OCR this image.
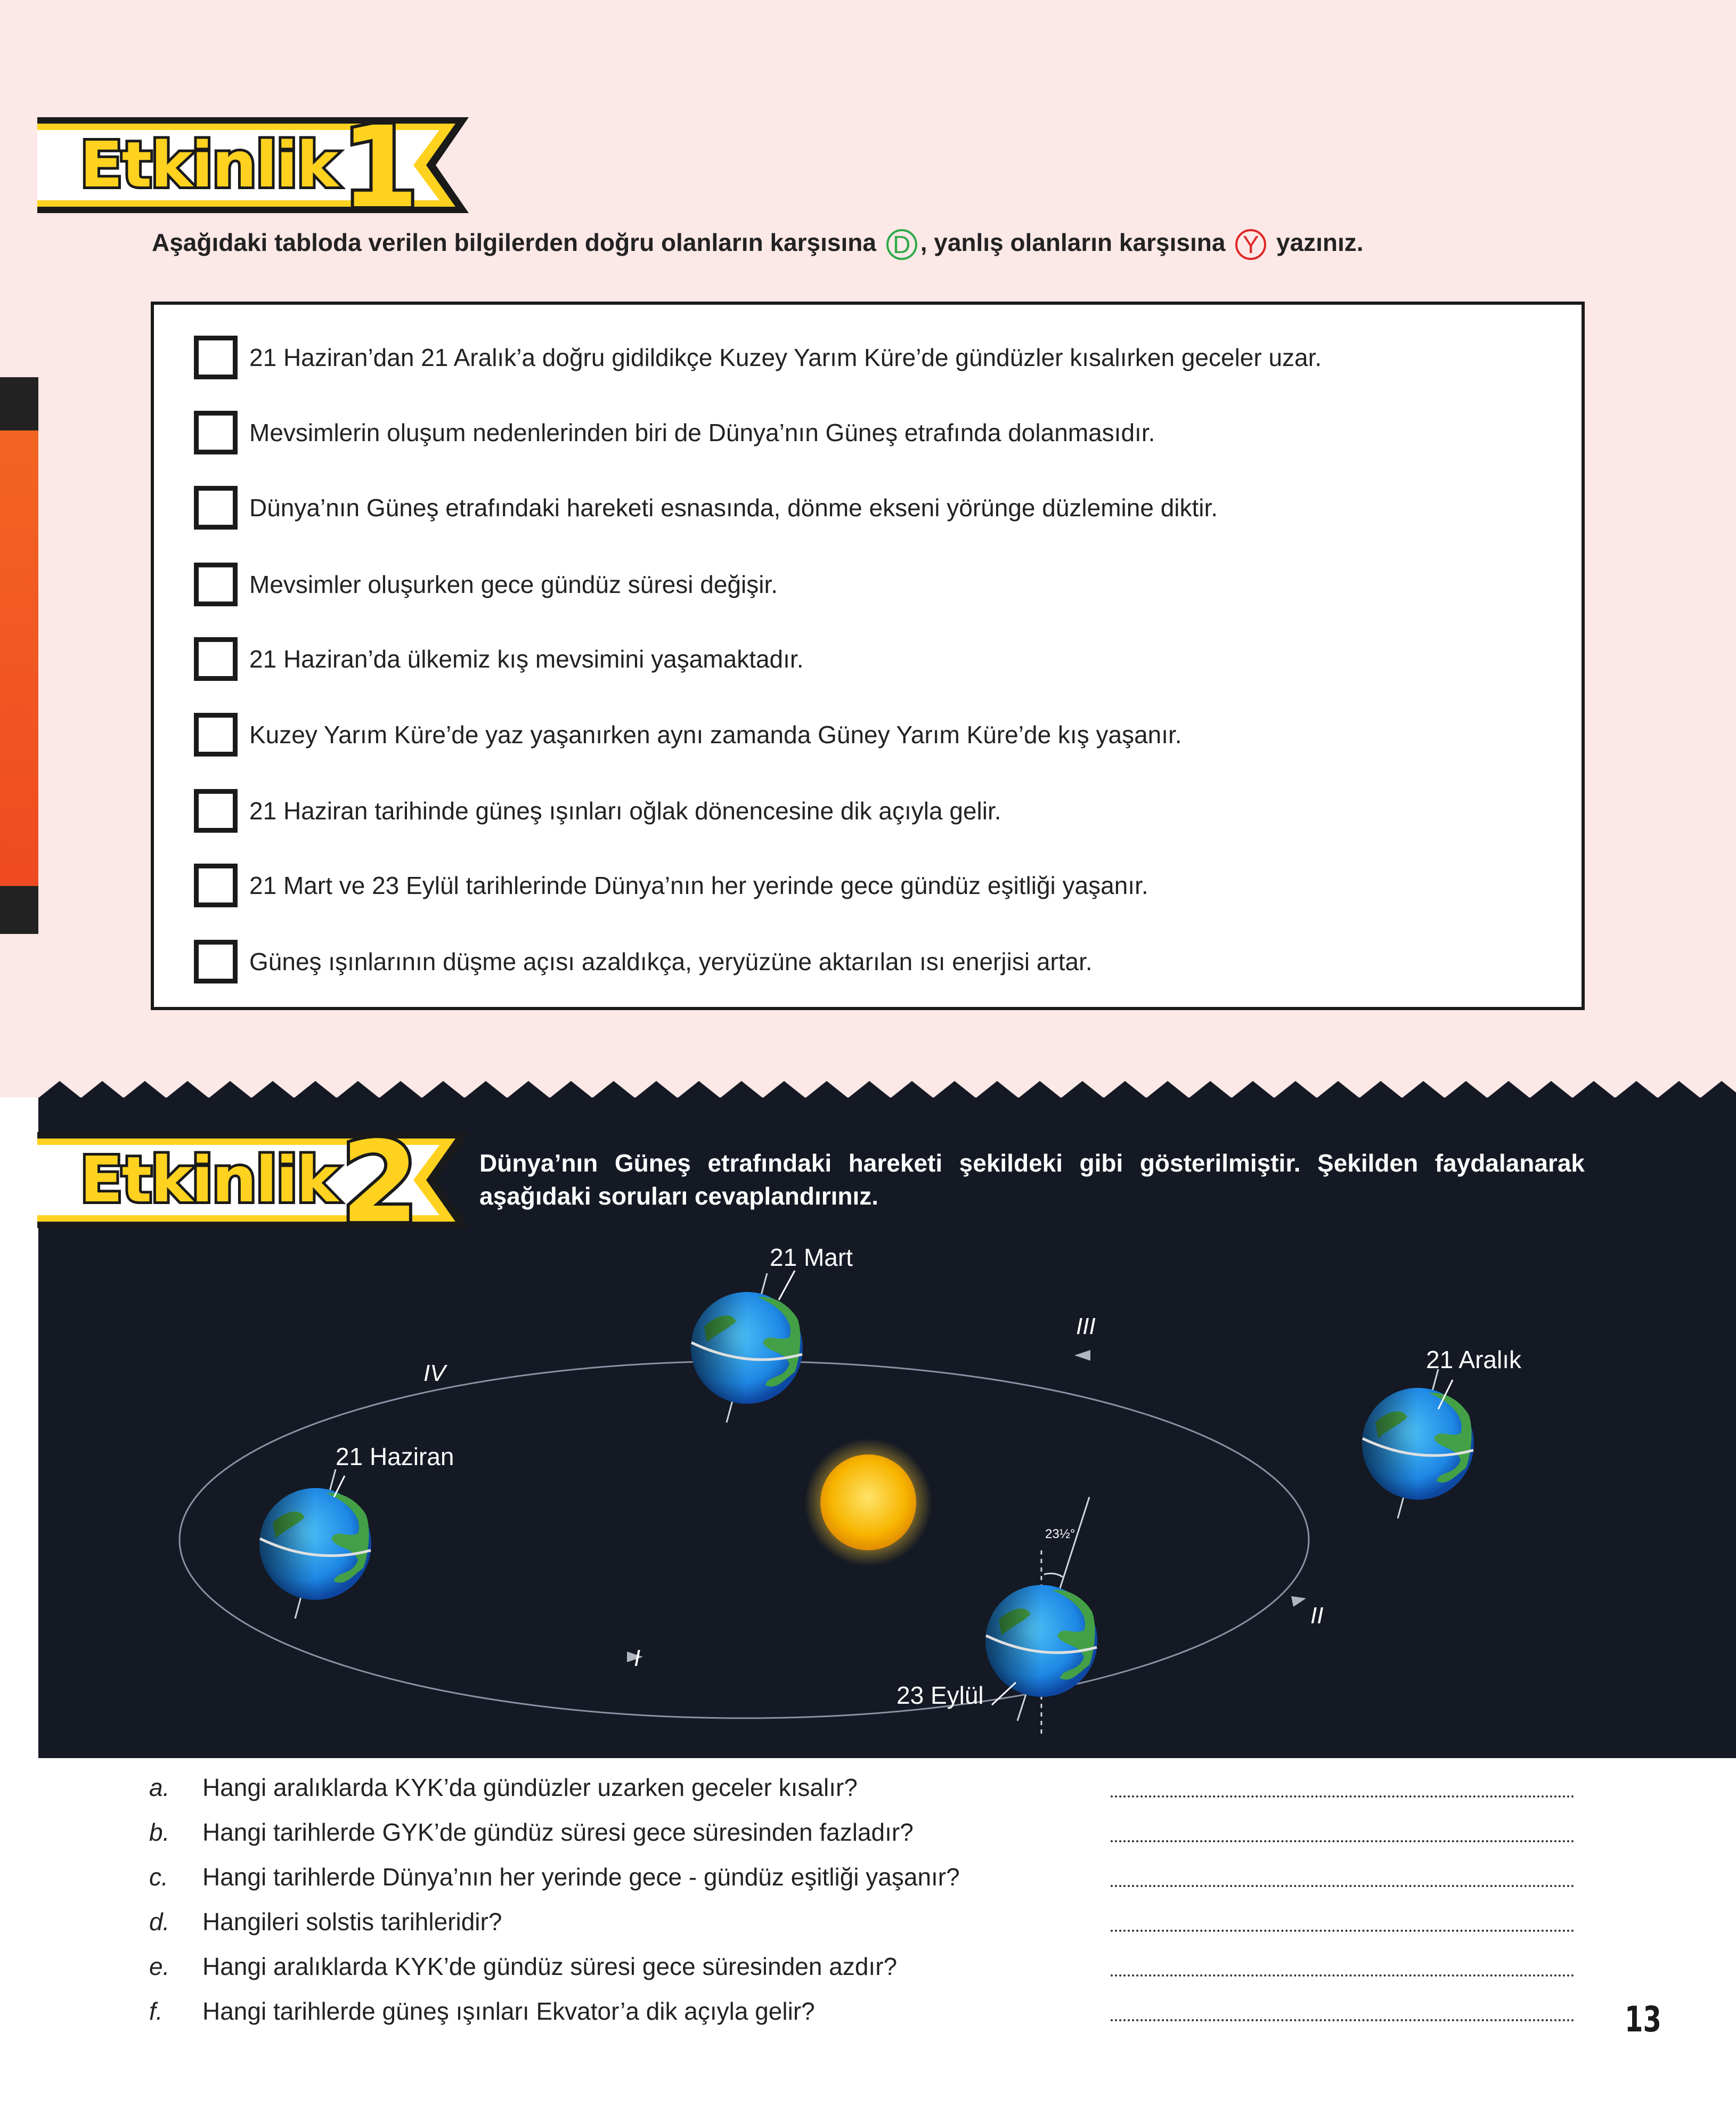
Etkinlik 1
Aşağıdaki tabloda verilen bilgilerden doğru olanların karşısına D , yanlış olanların karşısına Y yazınız.
21 Haziran’dan 21 Aralık’a doğru gidildikçe Kuzey Yarım Küre’de gündüzler kısalırken geceler uzar.
Mevsimlerin oluşum nedenlerinden biri de Dünya’nın Güneş etrafında dolanmasıdır.
Dünya’nın Güneş etrafındaki hareketi esnasında, dönme ekseni yörünge düzlemine diktir.
Mevsimler oluşurken gece gündüz süresi değişir.
21 Haziran’da ülkemiz kış mevsimini yaşamaktadır.
Kuzey Yarım Küre’de yaz yaşanırken aynı zamanda Güney Yarım Küre’de kış yaşanır.
21 Haziran tarihinde güneş ışınları oğlak dönencesine dik açıyla gelir.
21 Mart ve 23 Eylül tarihlerinde Dünya’nın her yerinde gece gündüz eşitliği yaşanır.
Güneş ışınlarının düşme açısı azaldıkça, yeryüzüne aktarılan ısı enerjisi artar.
Etkinlik 2 Dünya’nın Güneş etrafındaki hareketi şekildeki gibi gösterilmiştir. Şekilden faydalanarak aşağıdaki soruları cevaplandırınız.
21 Mart
21 Aralık
21 Haziran
23 Eylül
23½°
III
IV
I
II
a.	Hangi aralıklarda KYK’da gündüzler uzarken geceler kısalır?
b.	Hangi tarihlerde GYK’de gündüz süresi gece süresinden fazladır?
c.	Hangi tarihlerde Dünya’nın her yerinde gece - gündüz eşitliği yaşanır?
d.	Hangileri solstis tarihleridir?
e.	Hangi aralıklarda KYK’de gündüz süresi gece süresinden azdır?
f.	Hangi tarihlerde güneş ışınları Ekvator’a dik açıyla gelir?	13
